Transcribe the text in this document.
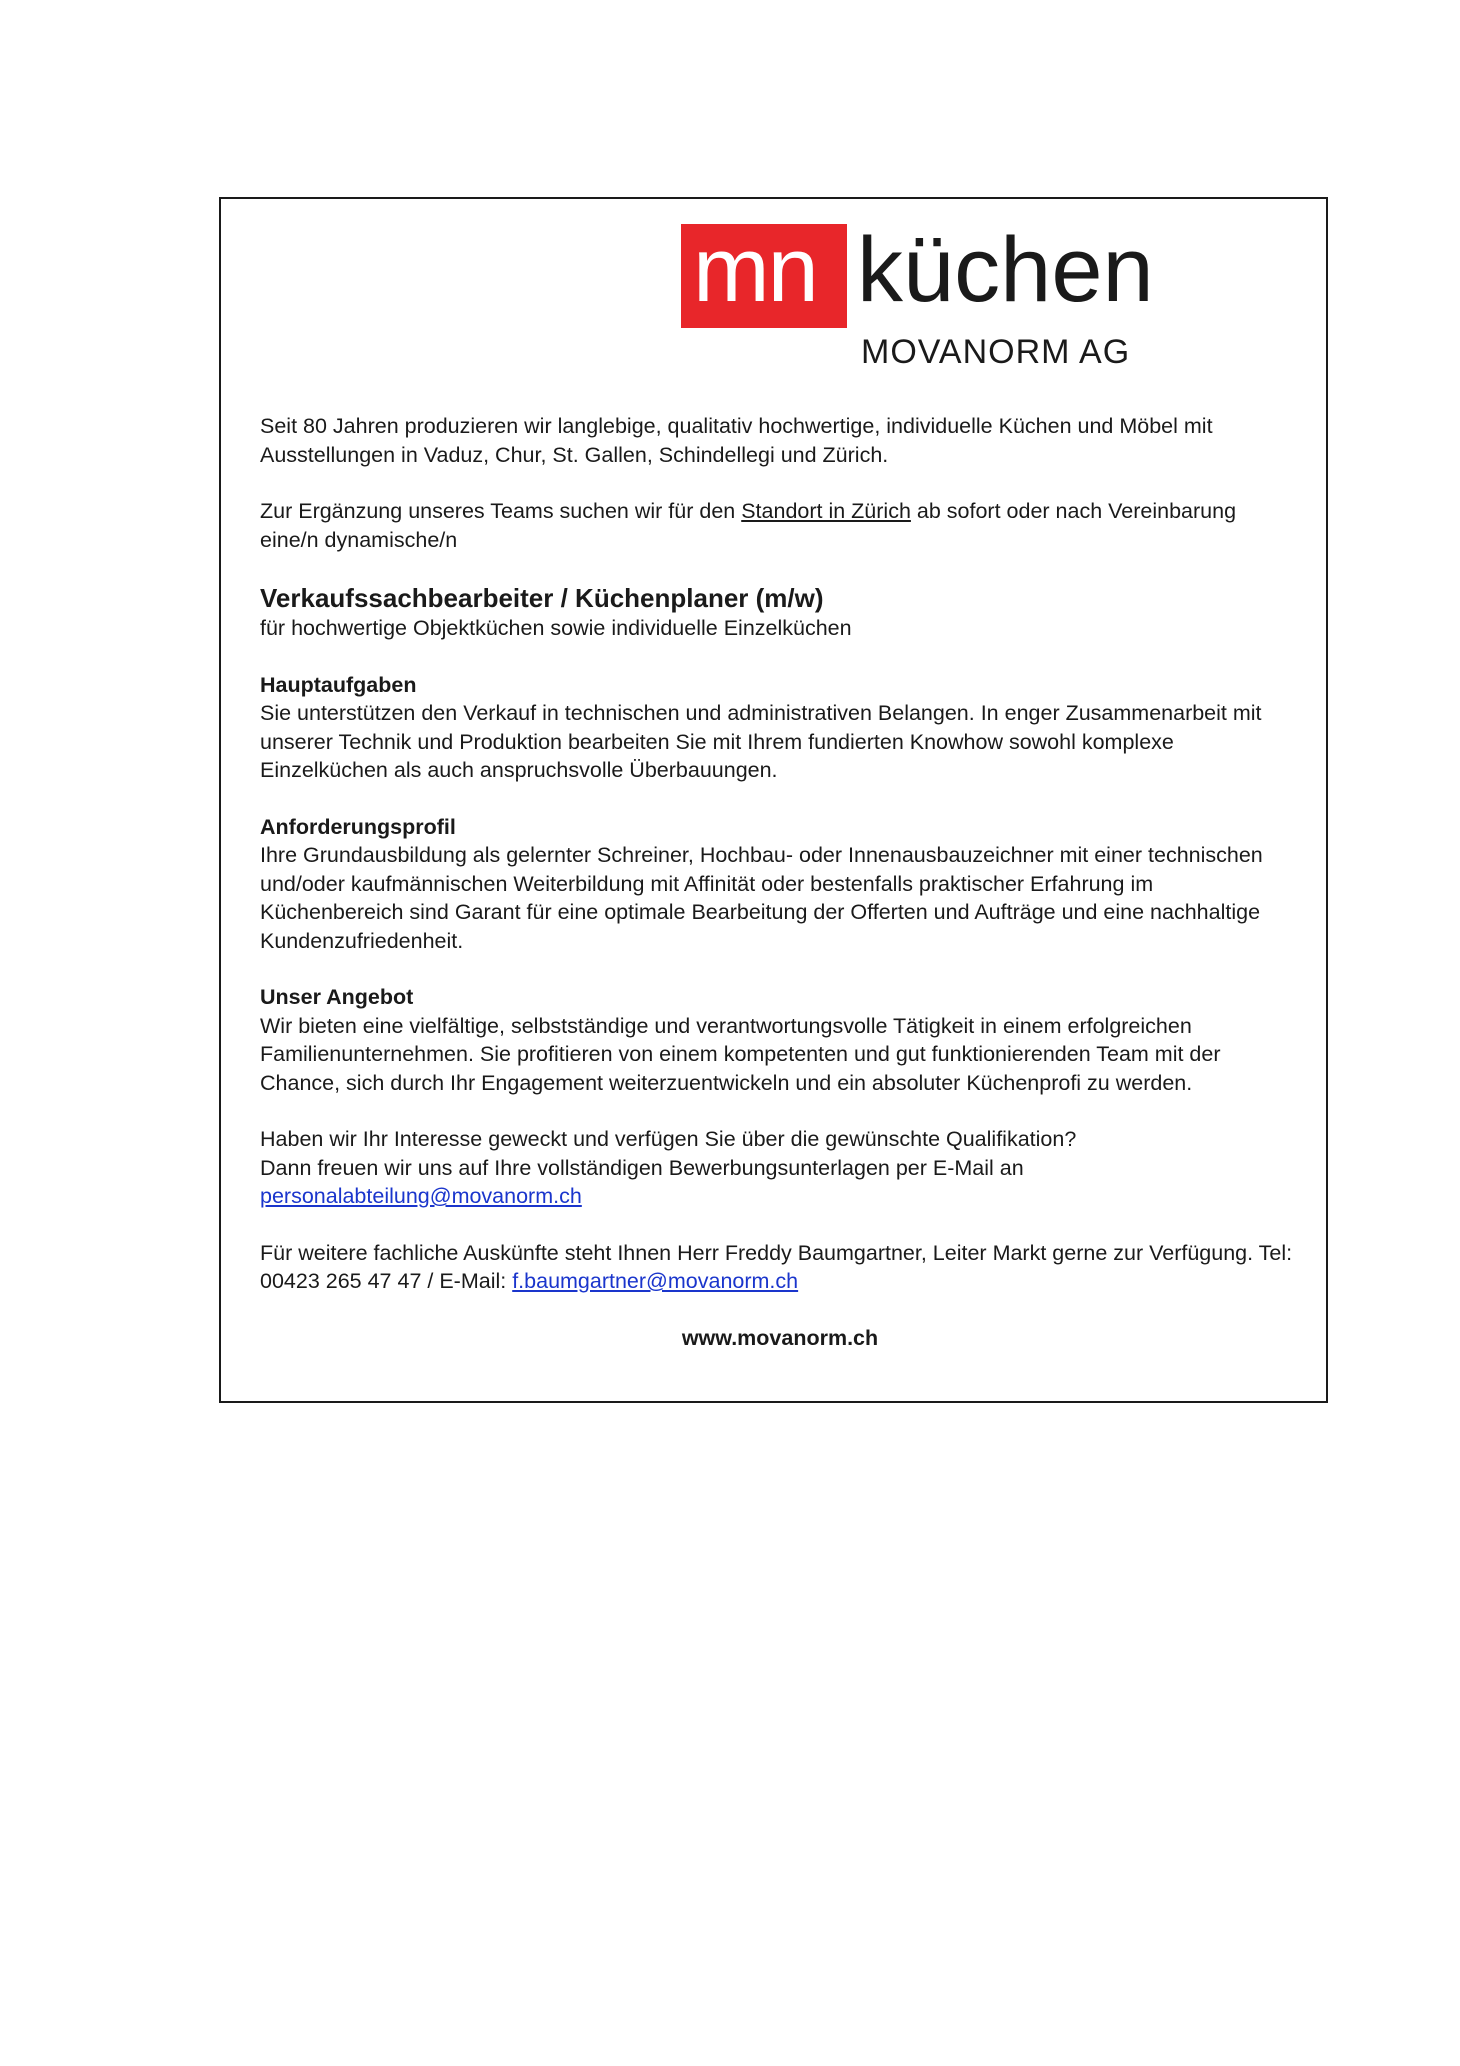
mn küchen
MOVANORM AG

Seit 80 Jahren produzieren wir langlebige, qualitativ hochwertige, individuelle Küchen und Möbel mit Ausstellungen in Vaduz, Chur, St. Gallen, Schindellegi und Zürich.

Zur Ergänzung unseres Teams suchen wir für den Standort in Zürich ab sofort oder nach Vereinbarung eine/n dynamische/n

Verkaufssachbearbeiter / Küchenplaner (m/w)

für hochwertige Objektküchen sowie individuelle Einzelküchen

Hauptaufgaben

Sie unterstützen den Verkauf in technischen und administrativen Belangen. In enger Zusammenarbeit mit unserer Technik und Produktion bearbeiten Sie mit Ihrem fundierten Knowhow sowohl komplexe Einzelküchen als auch anspruchsvolle Überbauungen.

Anforderungsprofil

Ihre Grundausbildung als gelernter Schreiner, Hochbau- oder Innenausbauzeichner mit einer technischen und/oder kaufmännischen Weiterbildung mit Affinität oder bestenfalls praktischer Erfahrung im Küchenbereich sind Garant für eine optimale Bearbeitung der Offerten und Aufträge und eine nachhaltige Kundenzufriedenheit.

Unser Angebot

Wir bieten eine vielfältige, selbstständige und verantwortungsvolle Tätigkeit in einem erfolgreichen Familienunternehmen. Sie profitieren von einem kompetenten und gut funktionierenden Team mit der Chance, sich durch Ihr Engagement weiterzuentwickeln und ein absoluter Küchenprofi zu werden.

Haben wir Ihr Interesse geweckt und verfügen Sie über die gewünschte Qualifikation?

Dann freuen wir uns auf Ihre vollständigen Bewerbungsunterlagen per E-Mail an

personalabteilung@movanorm.ch

Für weitere fachliche Auskünfte steht Ihnen Herr Freddy Baumgartner, Leiter Markt gerne zur Verfügung. Tel: 00423 265 47 47 / E-Mail: f.baumgartner@movanorm.ch

www.movanorm.ch
